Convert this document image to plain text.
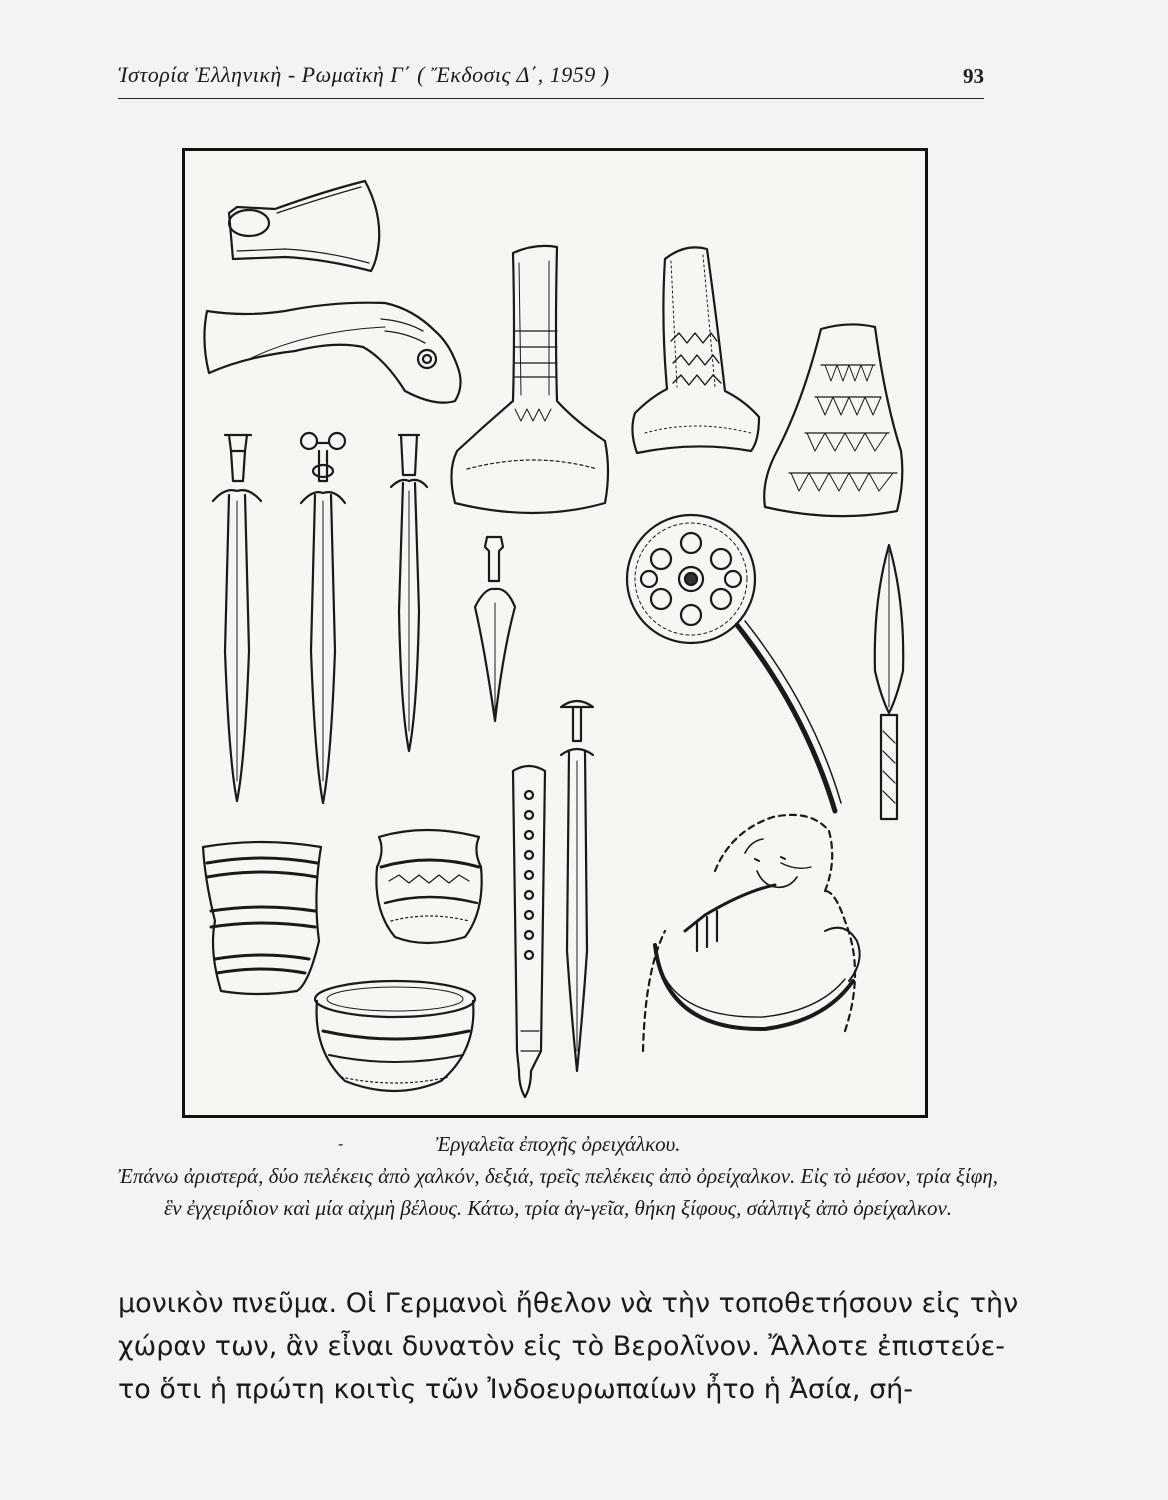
Ἱστορία Ἑλληνικὴ - Ρωμαϊκὴ Γ΄ ( Ἔκδοσις Δ΄, 1959 )	93
-	Ἐργαλεῖα ἐποχῆς ὀρειχάλκου.
Ἐπάνω ἀριστερά, δύο πελέκεις ἀπὸ χαλκόν, δεξιά, τρεῖς πελέκεις ἀπὸ ὀρείχαλκον. Εἰς τὸ μέσον, τρία ξίφη, ἓν ἐγχειρίδιον καὶ μία αἰχμὴ βέλους. Κάτω, τρία ἀγ-γεῖα, θήκη ξίφους, σάλπιγξ ἀπὸ ὀρείχαλκον.
μονικὸν πνεῦμα. Οἱ Γερμανοὶ ἤθελον νὰ τὴν τοποθετήσουν εἰς τὴν
χώραν των, ἂν εἶναι δυνατὸν εἰς τὸ Βερολῖνον. Ἄλλοτε ἐπιστεύε-
το ὅτι ἡ πρώτη κοιτὶς τῶν Ἰνδοευρωπαίων ἦτο ἡ Ἀσία, σή-
